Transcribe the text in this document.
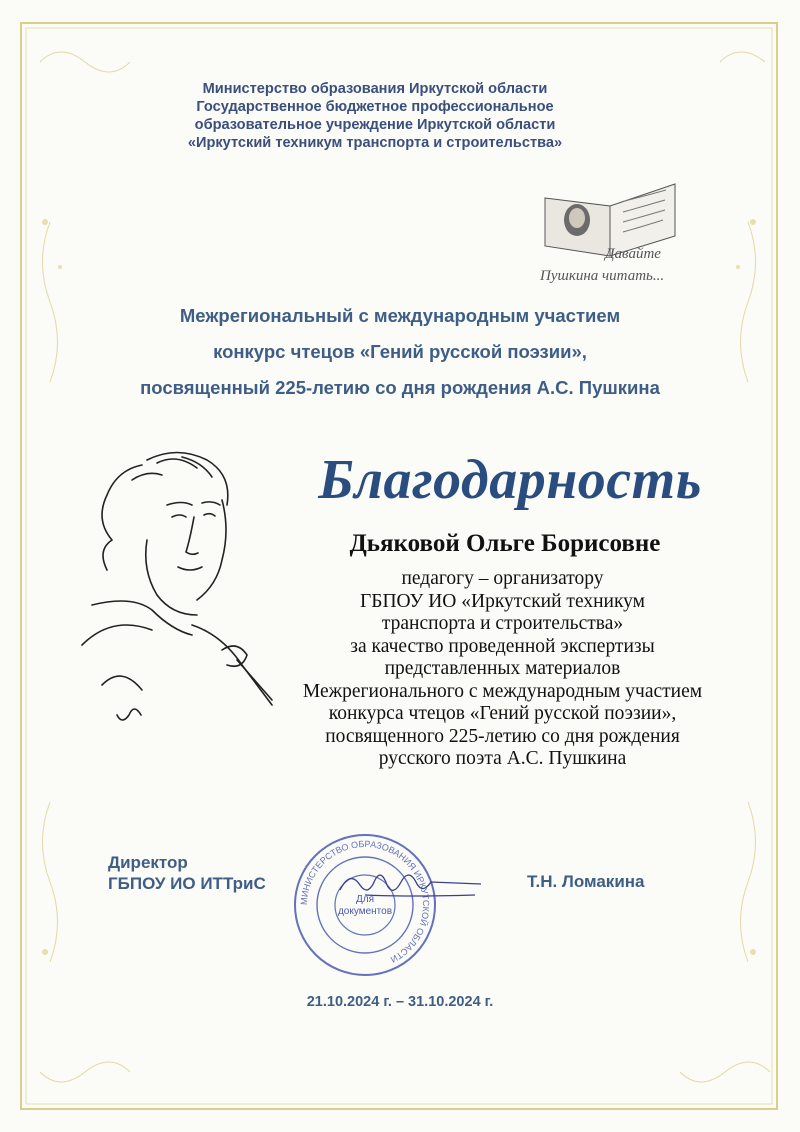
Министерство образования Иркутской области
Государственное бюджетное профессиональное
образовательное учреждение Иркутской области
«Иркутский техникум транспорта и строительства»
Давайте
Пушкина читать...
Межрегиональный с международным участием
конкурс чтецов «Гений русской поэзии»,
посвященный 225-летию со дня рождения А.С. Пушкина
Благодарность
Дьяковой Ольге Борисовне
педагогу – организатору
ГБПОУ ИО «Иркутский техникум
транспорта и строительства»
за качество проведенной экспертизы
представленных материалов
Межрегионального с международным участием
конкурса чтецов «Гений русской поэзии»,
посвященного 225-летию со дня рождения
русского поэта А.С. Пушкина
Директор
ГБПОУ ИО ИТТриС
МИНИСТЕРСТВО ОБРАЗОВАНИЯ ИРКУТСКОЙ ОБЛАСТИ
Для
документов
Т.Н. Ломакина
21.10.2024 г. – 31.10.2024 г.
